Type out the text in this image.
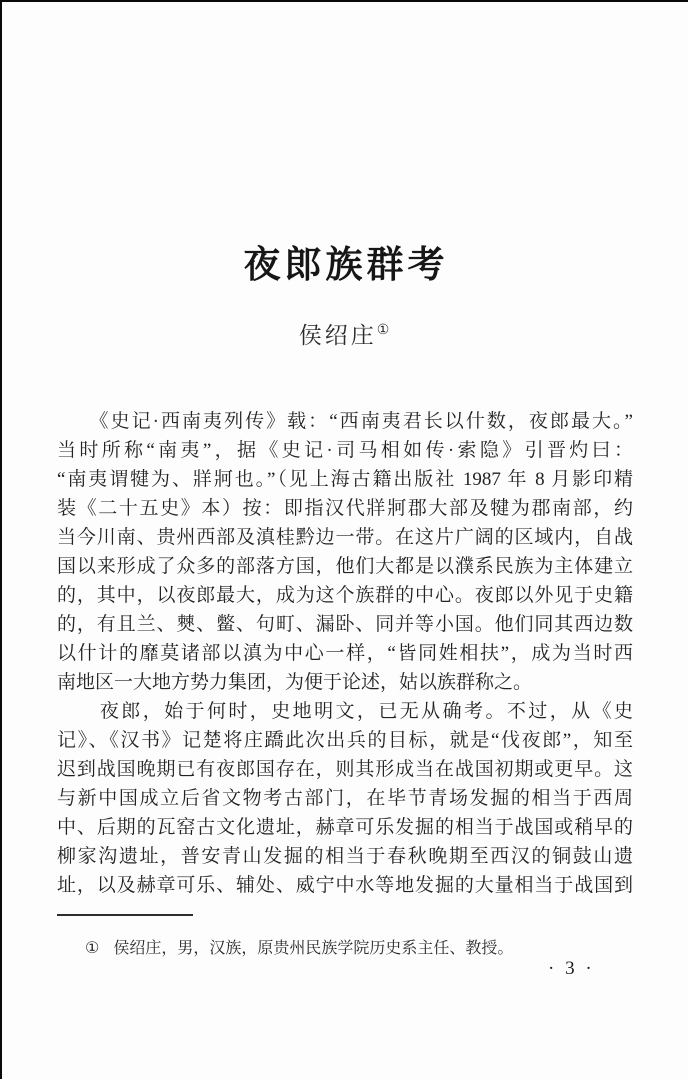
夜郎族群考
侯绍庄①
　　《史记·西南夷列传》载：“西南夷君长以什数，夜郎最大。”
当时所称“南夷”，据《史记·司马相如传·索隐》引晋灼曰：
“南夷谓犍为、牂牁也。”（见上海古籍出版社 1987 年 8 月影印精
装《二十五史》本）按：即指汉代牂牁郡大部及犍为郡南部，约
当今川南、贵州西部及滇桂黔边一带。在这片广阔的区域内，自战
国以来形成了众多的部落方国，他们大都是以濮系民族为主体建立
的，其中，以夜郎最大，成为这个族群的中心。夜郎以外见于史籍
的，有且兰、僰、鳖、句町、漏卧、同并等小国。他们同其西边数
以什计的靡莫诸部以滇为中心一样，“皆同姓相扶”，成为当时西
南地区一大地方势力集团，为便于论述，姑以族群称之。
　　夜郎，始于何时，史地明文，已无从确考。不过，从《史
记》、《汉书》记楚将庄蹻此次出兵的目标，就是“伐夜郎”，知至
迟到战国晚期已有夜郎国存在，则其形成当在战国初期或更早。这
与新中国成立后省文物考古部门，在毕节青场发掘的相当于西周
中、后期的瓦窑古文化遗址，赫章可乐发掘的相当于战国或稍早的
柳家沟遗址，普安青山发掘的相当于春秋晚期至西汉的铜鼓山遗
址，以及赫章可乐、辅处、威宁中水等地发掘的大量相当于战国到
① 侯绍庄，男，汉族，原贵州民族学院历史系主任、教授。
· 3 ·
